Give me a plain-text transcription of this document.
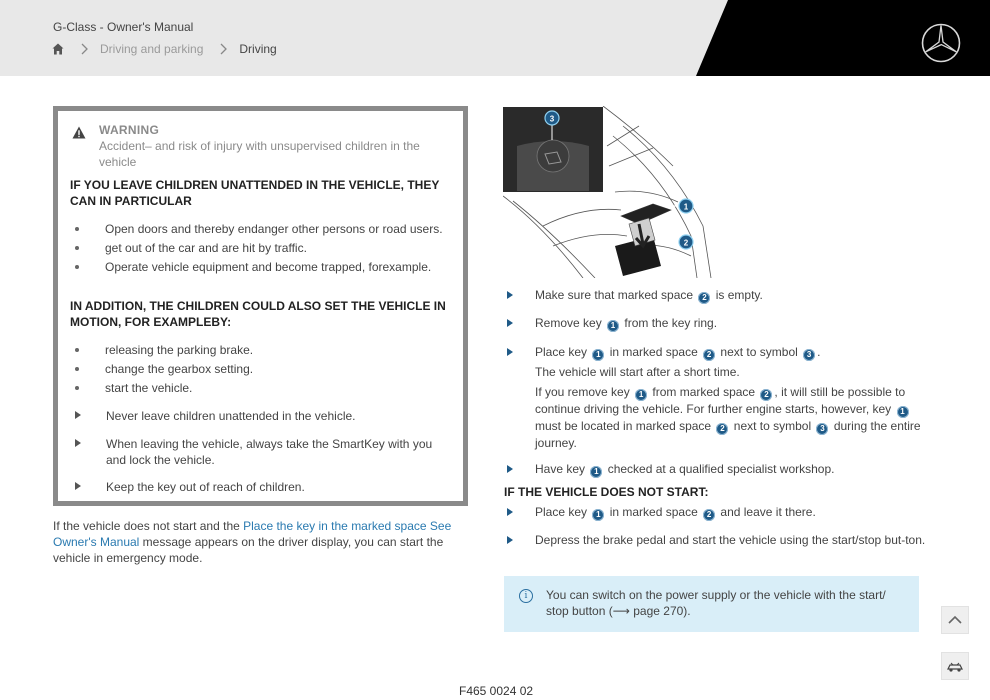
G-Class - Owner's Manual
Driving and parking	Driving
WARNING
Accident– and risk of injury with unsupervised children in the vehicle
IF YOU LEAVE CHILDREN UNATTENDED IN THE VEHICLE, THEY CAN IN PARTICULAR
Open doors and thereby endanger other persons or road users.
get out of the car and are hit by traffic.
Operate vehicle equipment and become trapped, forexample.
IN ADDITION, THE CHILDREN COULD ALSO SET THE VEHICLE IN MOTION, FOR EXAMPLEBY:
releasing the parking brake.
change the gearbox setting.
start the vehicle.
Never leave children unattended in the vehicle.
When leaving the vehicle, always take the SmartKey with you and lock the vehicle.
Keep the key out of reach of children.
If the vehicle does not start and the Place the key in the marked space See Owner's Manual message appears on the driver display, you can start the vehicle in emergency mode.
3
1
2
Make sure that marked space 2 is empty.
Remove key 1 from the key ring.
Place key 1 in marked space 2 next to symbol 3 .
The vehicle will start after a short time.
If you remove key 1 from marked space 2 , it will still be possible to continue driving the vehicle. For further engine starts, however, key 1 must be located in marked space 2 next to symbol 3 during the entire journey.
Have key 1 checked at a qualified specialist workshop.
IF THE VEHICLE DOES NOT START:
Place key 1 in marked space 2 and leave it there.
Depress the brake pedal and start the vehicle using the start/stop but-ton.
i	You can switch on the power supply or the vehicle with the start/ stop button (⟶ page 270).
F465 0024 02
